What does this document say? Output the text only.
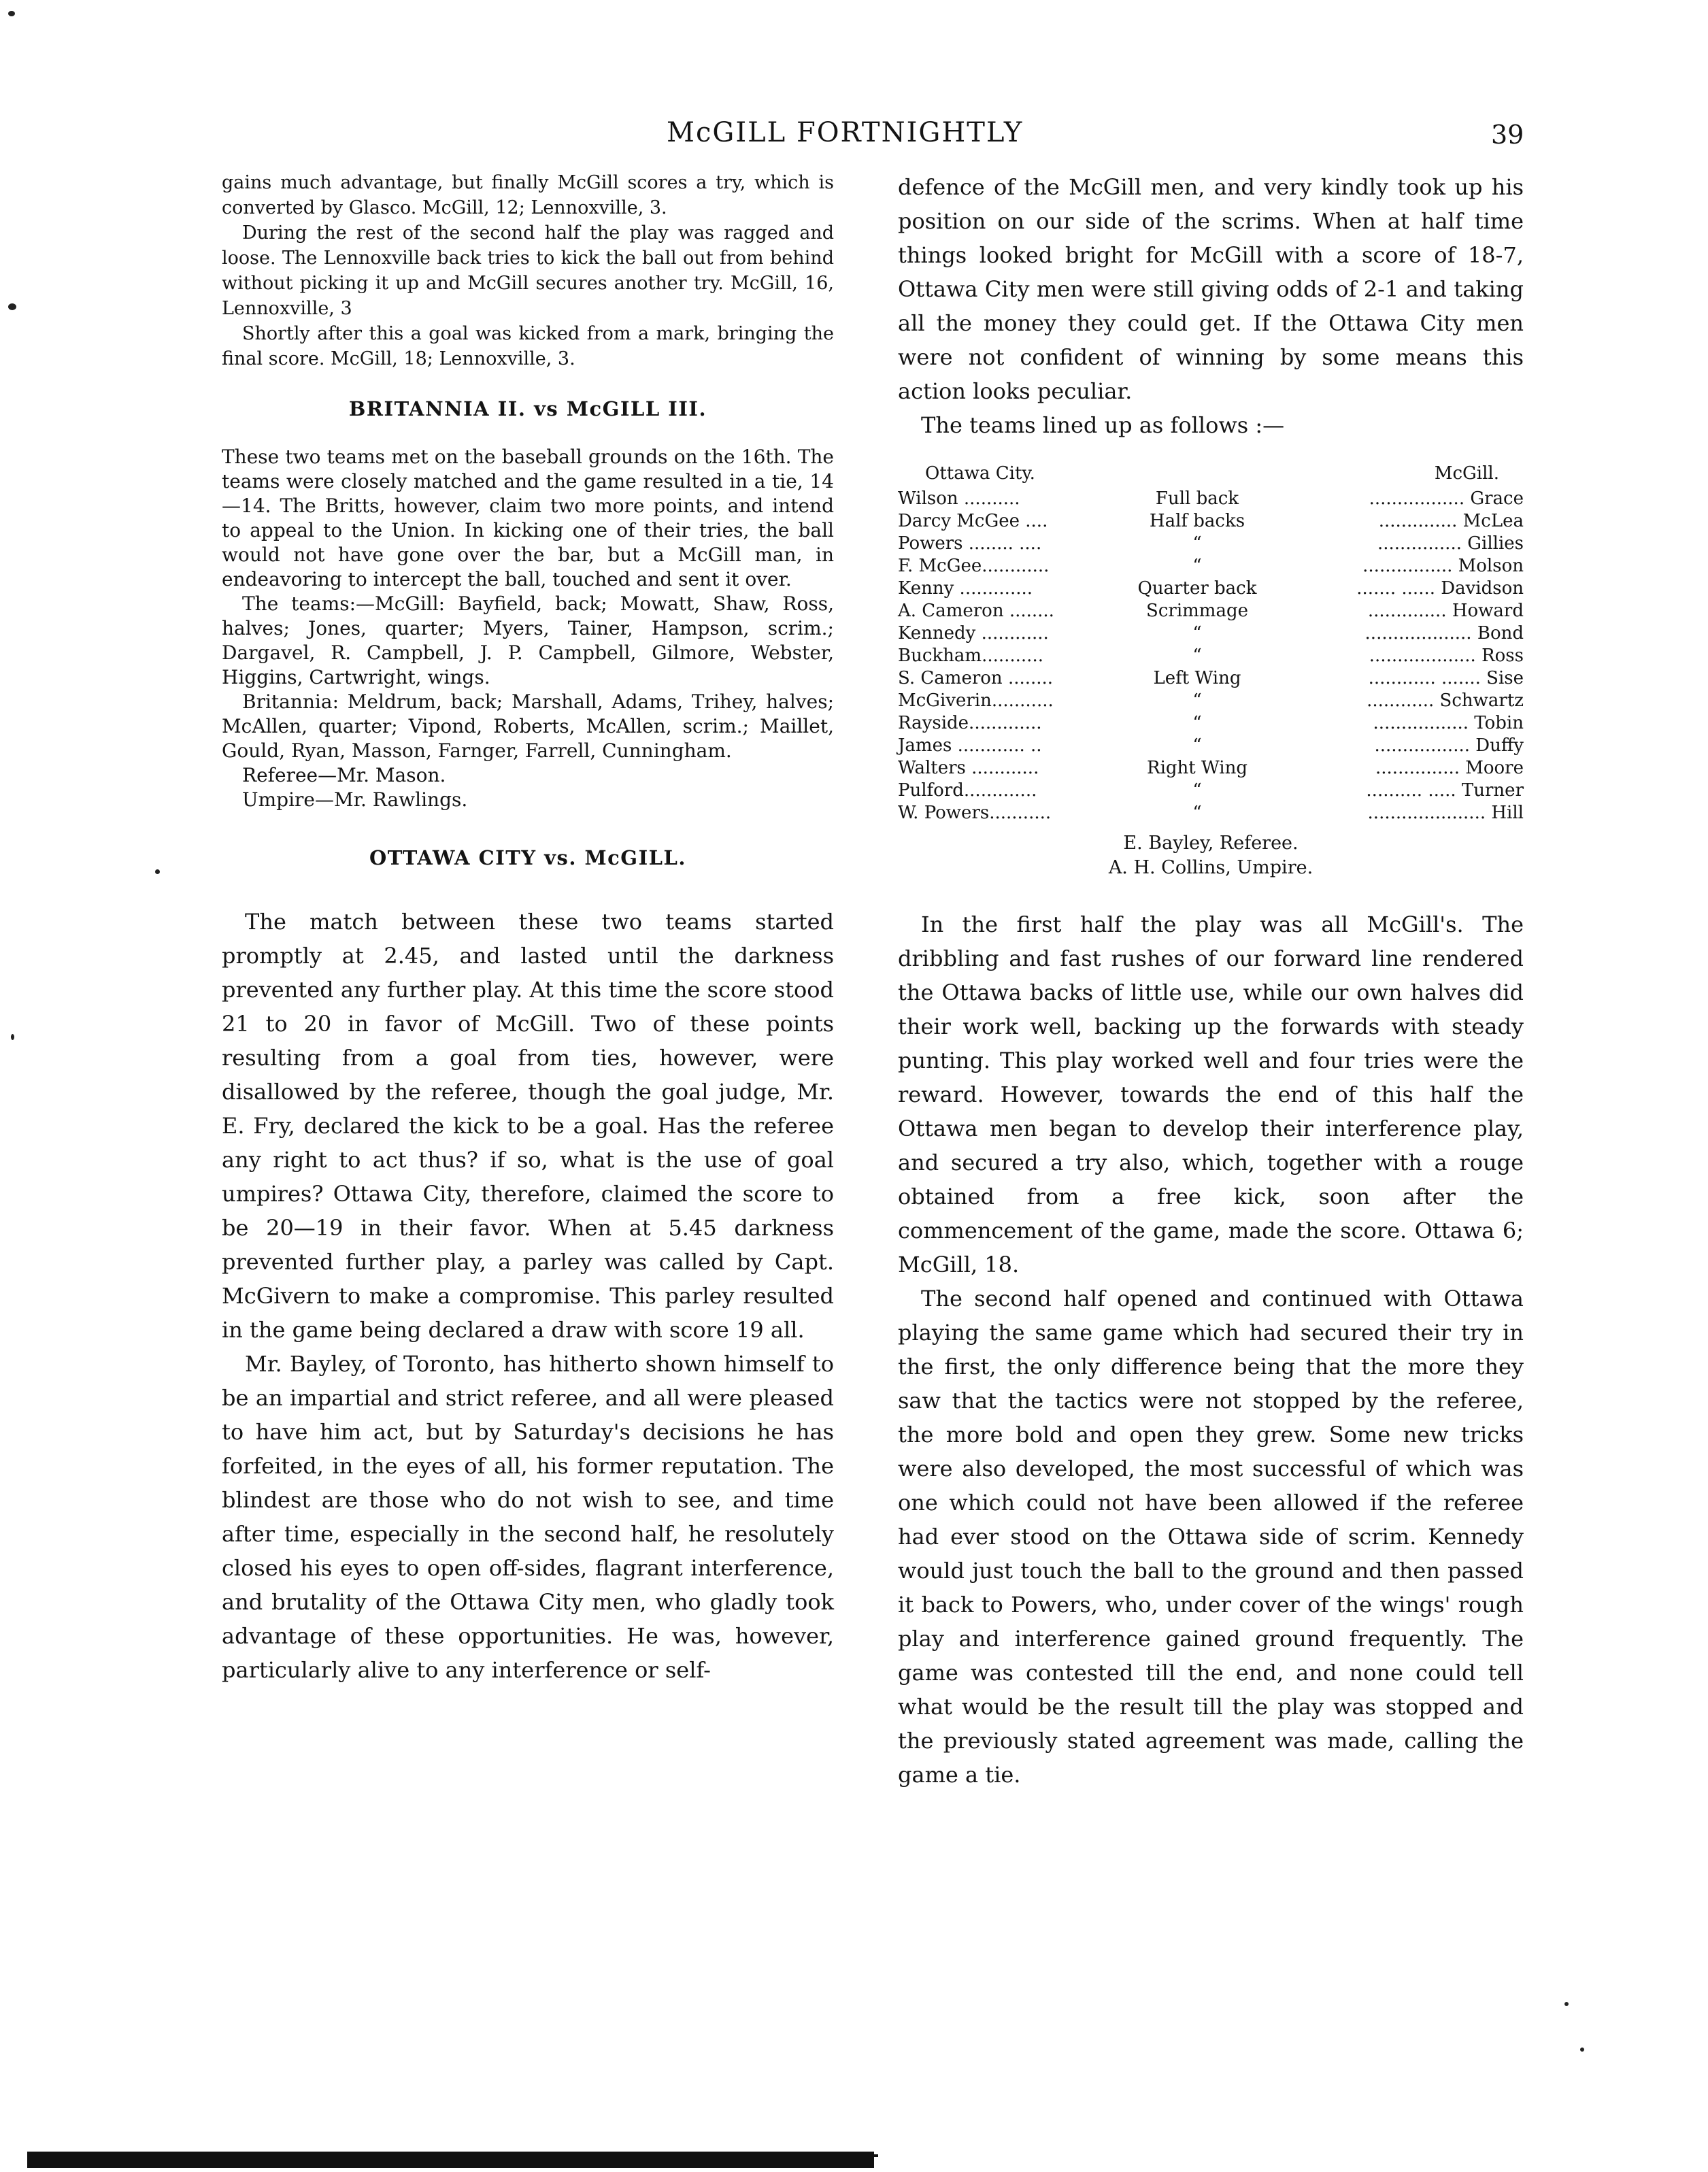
McGILL FORTNIGHTLY	39

gains much advantage, but finally McGill scores a try, which is converted by Glasco. McGill, 12; Lennoxville, 3.

During the rest of the second half the play was ragged and loose. The Lennoxville back tries to kick the ball out from behind without picking it up and McGill secures another try. McGill, 16, Lennoxville, 3

Shortly after this a goal was kicked from a mark, bringing the final score. McGill, 18; Lennoxville, 3.

BRITANNIA II. vs McGILL III.

These two teams met on the baseball grounds on the 16th. The teams were closely matched and the game resulted in a tie, 14—14. The Britts, however, claim two more points, and intend to appeal to the Union. In kicking one of their tries, the ball would not have gone over the bar, but a McGill man, in endeavoring to intercept the ball, touched and sent it over.

The teams:—McGill: Bayfield, back; Mowatt, Shaw, Ross, halves; Jones, quarter; Myers, Tainer, Hampson, scrim.; Dargavel, R. Campbell, J. P. Campbell, Gilmore, Webster, Higgins, Cartwright, wings.

Britannia: Meldrum, back; Marshall, Adams, Trihey, halves; McAllen, quarter; Vipond, Roberts, McAllen, scrim.; Maillet, Gould, Ryan, Masson, Farnger, Farrell, Cunningham.

Referee—Mr. Mason.

Umpire—Mr. Rawlings.

OTTAWA CITY vs. McGILL.

The match between these two teams started promptly at 2.45, and lasted until the darkness prevented any further play. At this time the score stood 21 to 20 in favor of McGill. Two of these points resulting from a goal from ties, however, were disallowed by the referee, though the goal judge, Mr. E. Fry, declared the kick to be a goal. Has the referee any right to act thus? if so, what is the use of goal umpires? Ottawa City, therefore, claimed the score to be 20—19 in their favor. When at 5.45 darkness prevented further play, a parley was called by Capt. McGivern to make a compromise. This parley resulted in the game being declared a draw with score 19 all.

Mr. Bayley, of Toronto, has hitherto shown himself to be an impartial and strict referee, and all were pleased to have him act, but by Saturday's decisions he has forfeited, in the eyes of all, his former reputation. The blindest are those who do not wish to see, and time after time, especially in the second half, he resolutely closed his eyes to open off-sides, flagrant interference, and brutality of the Ottawa City men, who gladly took advantage of these opportunities. He was, however, particularly alive to any interference or self-

defence of the McGill men, and very kindly took up his position on our side of the scrims. When at half time things looked bright for McGill with a score of 18-7, Ottawa City men were still giving odds of 2-1 and taking all the money they could get. If the Ottawa City men were not confident of winning by some means this action looks peculiar.

The teams lined up as follows :—

Ottawa City.	McGill.
Wilson ..........	Full back	................. Grace
Darcy McGee ....	Half backs	.............. McLea
Powers ........ ....	“	............... Gillies
F. McGee............	“	................ Molson
Kenny .............	Quarter back	....... ...... Davidson
A. Cameron ........	Scrimmage	.............. Howard
Kennedy ............	“	................... Bond
Buckham...........	“	................... Ross
S. Cameron ........	Left Wing	............ ....... Sise
McGiverin...........	“	............ Schwartz
Rayside.............	“	................. Tobin
James ............ ..	“	................. Duffy
Walters ............	Right Wing	............... Moore
Pulford.............	“	.......... ..... Turner
W. Powers...........	“	..................... Hill
E. Bayley, Referee.
A. H. Collins, Umpire.

In the first half the play was all McGill's. The dribbling and fast rushes of our forward line rendered the Ottawa backs of little use, while our own halves did their work well, backing up the forwards with steady punting. This play worked well and four tries were the reward. However, towards the end of this half the Ottawa men began to develop their interference play, and secured a try also, which, together with a rouge obtained from a free kick, soon after the commencement of the game, made the score. Ottawa 6; McGill, 18.

The second half opened and continued with Ottawa playing the same game which had secured their try in the first, the only difference being that the more they saw that the tactics were not stopped by the referee, the more bold and open they grew. Some new tricks were also developed, the most successful of which was one which could not have been allowed if the referee had ever stood on the Ottawa side of scrim. Kennedy would just touch the ball to the ground and then passed it back to Powers, who, under cover of the wings' rough play and interference gained ground frequently. The game was contested till the end, and none could tell what would be the result till the play was stopped and the previously stated agreement was made, calling the game a tie.
